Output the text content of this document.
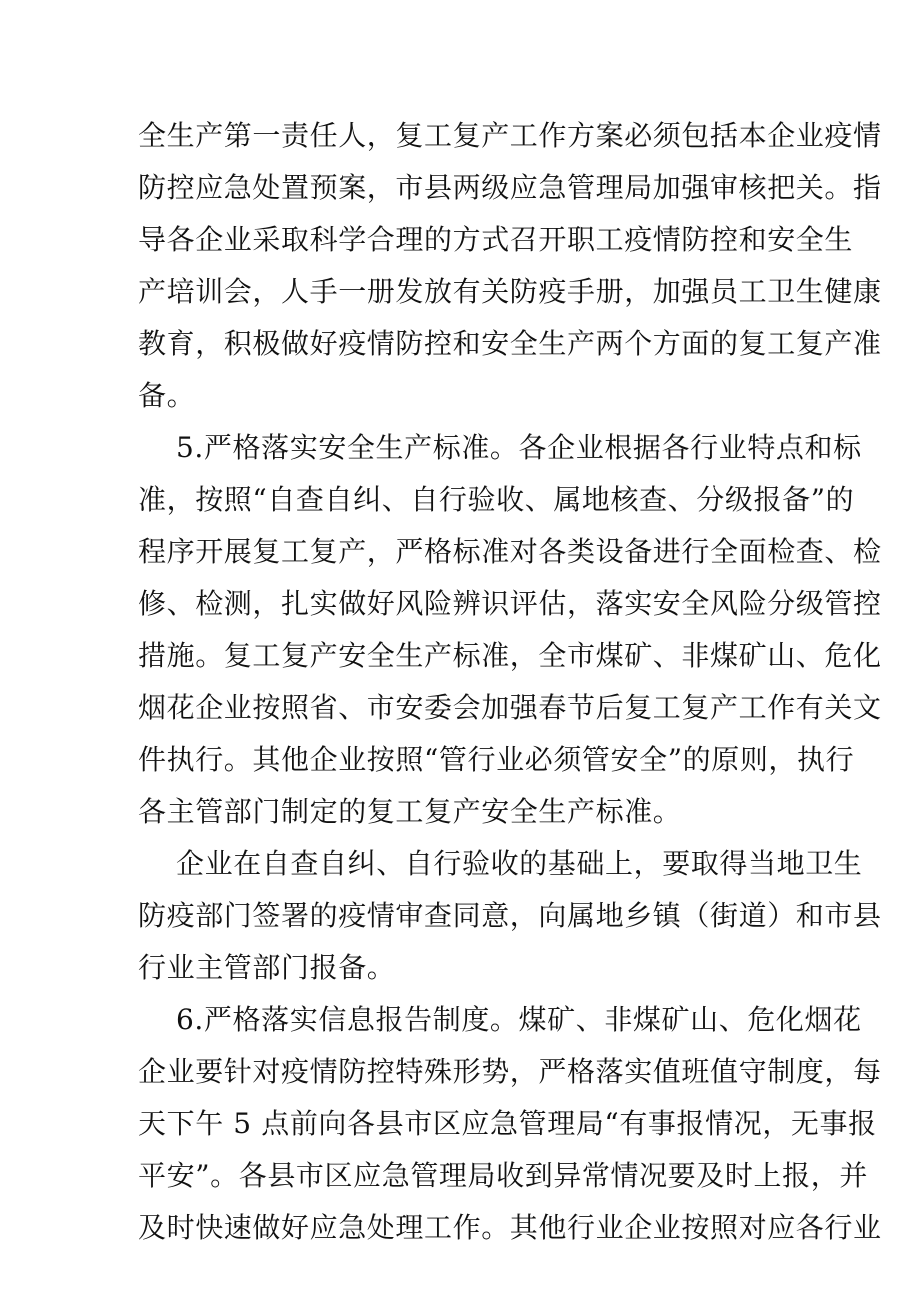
全生产第一责任人，复工复产工作方案必须包括本企业疫情
防控应急处置预案，市县两级应急管理局加强审核把关。指
导各企业采取科学合理的方式召开职工疫情防控和安全生
产培训会，人手一册发放有关防疫手册，加强员工卫生健康
教育，积极做好疫情防控和安全生产两个方面的复工复产准
备。
5.严格落实安全生产标准。各企业根据各行业特点和标
准，按照“自查自纠、自行验收、属地核查、分级报备”的
程序开展复工复产，严格标准对各类设备进行全面检查、检
修、检测，扎实做好风险辨识评估，落实安全风险分级管控
措施。复工复产安全生产标准，全市煤矿、非煤矿山、危化
烟花企业按照省、市安委会加强春节后复工复产工作有关文
件执行。其他企业按照“管行业必须管安全”的原则，执行
各主管部门制定的复工复产安全生产标准。
企业在自查自纠、自行验收的基础上，要取得当地卫生
防疫部门签署的疫情审查同意，向属地乡镇（街道）和市县
行业主管部门报备。
6.严格落实信息报告制度。煤矿、非煤矿山、危化烟花
企业要针对疫情防控特殊形势，严格落实值班值守制度，每
天下午 5 点前向各县市区应急管理局“有事报情况，无事报
平安”。各县市区应急管理局收到异常情况要及时上报，并
及时快速做好应急处理工作。其他行业企业按照对应各行业
